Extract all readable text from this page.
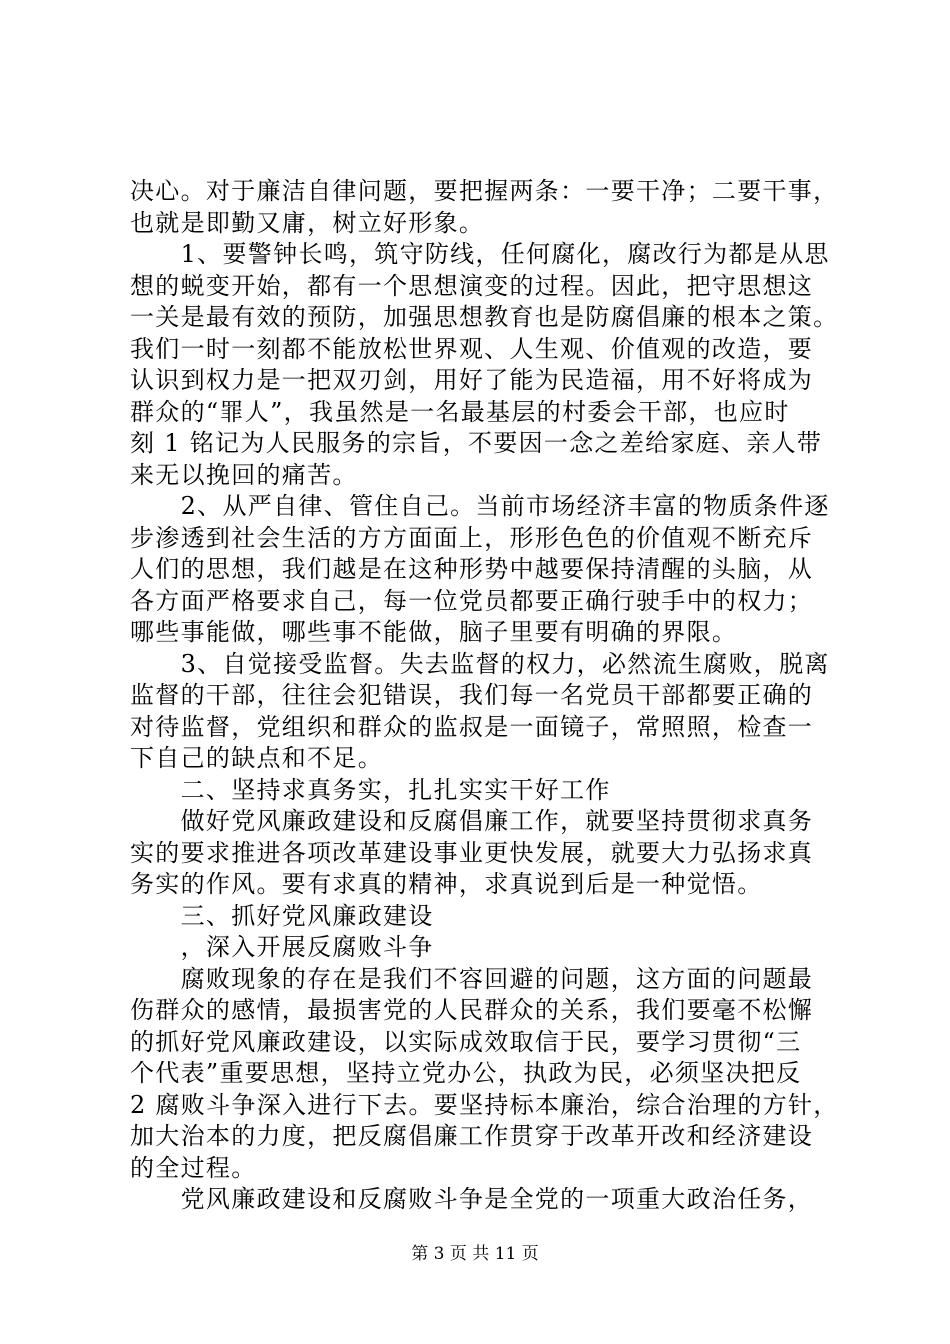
决心。对于廉洁自律问题，要把握两条：一要干净；二要干事，
也就是即勤又庸，树立好形象。
　　1、要警钟长鸣，筑守防线，任何腐化，腐改行为都是从思
想的蜕变开始，都有一个思想演变的过程。因此，把守思想这
一关是最有效的预防，加强思想教育也是防腐倡廉的根本之策。
我们一时一刻都不能放松世界观、人生观、价值观的改造，要
认识到权力是一把双刃剑，用好了能为民造福，用不好将成为
群众的“罪人”，我虽然是一名最基层的村委会干部，也应时
刻 1 铭记为人民服务的宗旨，不要因一念之差给家庭、亲人带
来无以挽回的痛苦。
　　2、从严自律、管住自己。当前市场经济丰富的物质条件逐
步渗透到社会生活的方方面面上，形形色色的价值观不断充斥
人们的思想，我们越是在这种形势中越要保持清醒的头脑，从
各方面严格要求自己，每一位党员都要正确行驶手中的权力；
哪些事能做，哪些事不能做，脑子里要有明确的界限。
　　3、自觉接受监督。失去监督的权力，必然流生腐败，脱离
监督的干部，往往会犯错误，我们每一名党员干部都要正确的
对待监督，党组织和群众的监叔是一面镜子，常照照，检查一
下自己的缺点和不足。
　　二、坚持求真务实，扎扎实实干好工作
　　做好党风廉政建设和反腐倡廉工作，就要坚持贯彻求真务
实的要求推进各项改革建设事业更快发展，就要大力弘扬求真
务实的作风。要有求真的精神，求真说到后是一种觉悟。
　　三、抓好党风廉政建设
　　，深入开展反腐败斗争
　　腐败现象的存在是我们不容回避的问题，这方面的问题最
伤群众的感情，最损害党的人民群众的关系，我们要毫不松懈
的抓好党风廉政建设，以实际成效取信于民，要学习贯彻“三
个代表”重要思想，坚持立党办公，执政为民，必须坚决把反
2 腐败斗争深入进行下去。要坚持标本廉治，综合治理的方针，
加大治本的力度，把反腐倡廉工作贯穿于改革开改和经济建设
的全过程。
　　党风廉政建设和反腐败斗争是全党的一项重大政治任务，
第 3 页 共 11 页
